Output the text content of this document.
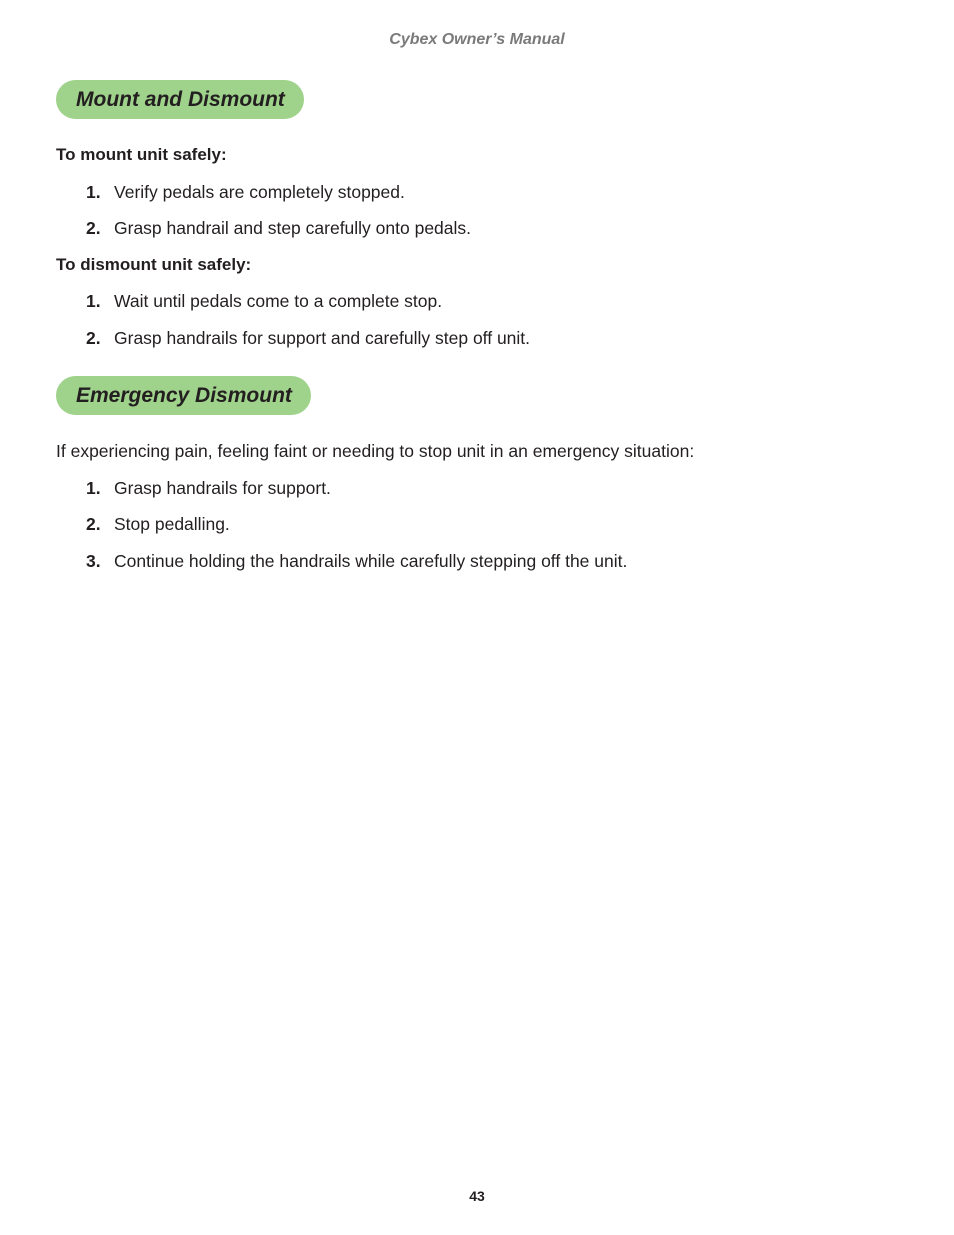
Cybex Owner’s Manual
Mount and Dismount
To mount unit safely:
1. Verify pedals are completely stopped.
2. Grasp handrail and step carefully onto pedals.
To dismount unit safely:
1. Wait until pedals come to a complete stop.
2. Grasp handrails for support and carefully step off unit.
Emergency Dismount
If experiencing pain, feeling faint or needing to stop unit in an emergency situation:
1. Grasp handrails for support.
2. Stop pedalling.
3. Continue holding the handrails while carefully stepping off the unit.
43
